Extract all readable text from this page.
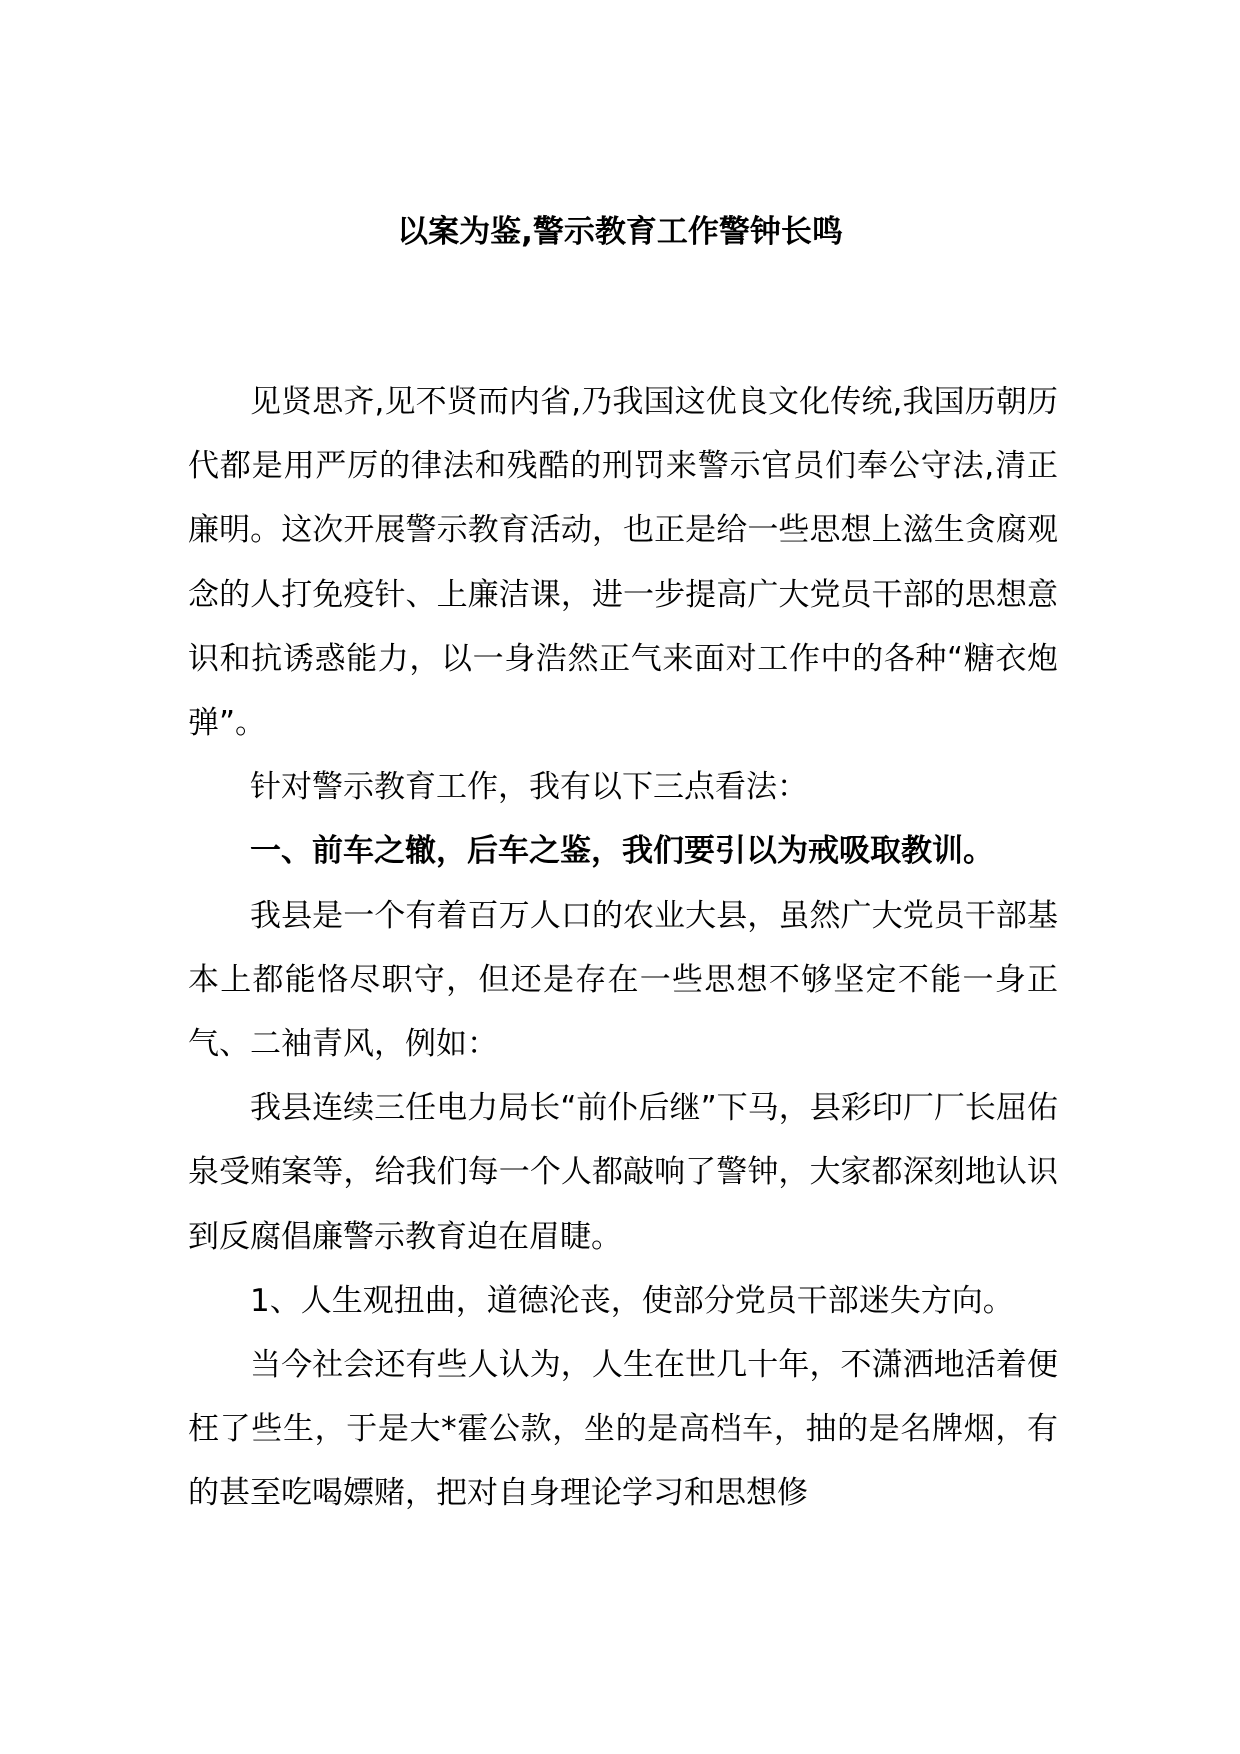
以案为鉴,警示教育工作警钟长鸣

见贤思齐,见不贤而内省,乃我国这优良文化传统,我国历朝历代都是用严厉的律法和残酷的刑罚来警示官员们奉公守法,清正廉明。这次开展警示教育活动，也正是给一些思想上滋生贪腐观念的人打免疫针、上廉洁课，进一步提高广大党员干部的思想意识和抗诱惑能力，以一身浩然正气来面对工作中的各种“糖衣炮弹”。

针对警示教育工作，我有以下三点看法：

一、前车之辙，后车之鉴，我们要引以为戒吸取教训。

我县是一个有着百万人口的农业大县，虽然广大党员干部基本上都能恪尽职守，但还是存在一些思想不够坚定不能一身正气、二袖青风，例如：

我县连续三任电力局长“前仆后继”下马，县彩印厂厂长屈佑泉受贿案等，给我们每一个人都敲响了警钟，大家都深刻地认识到反腐倡廉警示教育迫在眉睫。

1、人生观扭曲，道德沦丧，使部分党员干部迷失方向。

当今社会还有些人认为，人生在世几十年，不潇洒地活着便枉了些生，于是大*霍公款，坐的是高档车，抽的是名牌烟，有的甚至吃喝嫖赌，把对自身理论学习和思想修
